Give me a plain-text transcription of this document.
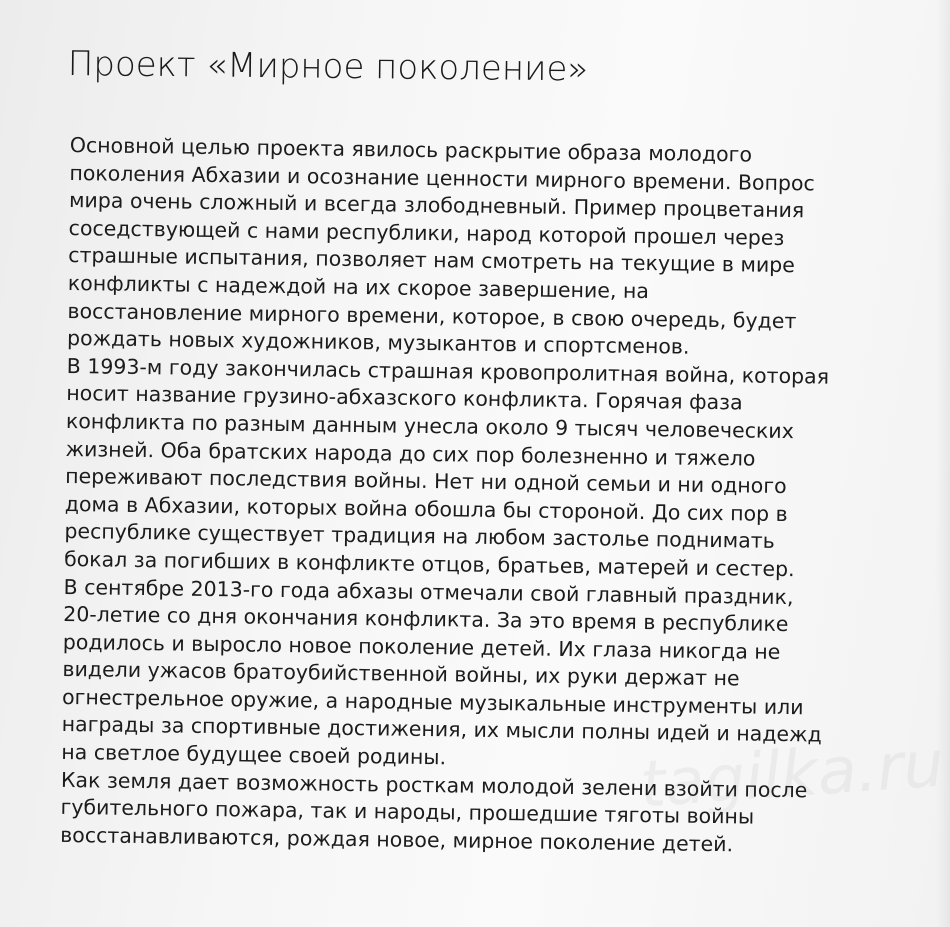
Проект «Мирное поколение»
Основной целью проекта явилось раскрытие образа молодого
поколения Абхазии и осознание ценности мирного времени. Вопрос
мира очень сложный и всегда злободневный. Пример процветания
соседствующей с нами республики, народ которой прошел через
страшные испытания, позволяет нам смотреть на текущие в мире
конфликты с надеждой на их скорое завершение, на
восстановление мирного времени, которое, в свою очередь, будет
рождать новых художников, музыкантов и спортсменов.
В 1993-м году закончилась страшная кровопролитная война, которая
носит название грузино-абхазского конфликта. Горячая фаза
конфликта по разным данным унесла около 9 тысяч человеческих
жизней. Оба братских народа до сих пор болезненно и тяжело
переживают последствия войны. Нет ни одной семьи и ни одного
дома в Абхазии, которых война обошла бы стороной. До сих пор в
республике существует традиция на любом застолье поднимать
бокал за погибших в конфликте отцов, братьев, матерей и сестер.
В сентябре 2013-го года абхазы отмечали свой главный праздник,
20-летие со дня окончания конфликта. За это время в республике
родилось и выросло новое поколение детей. Их глаза никогда не
видели ужасов братоубийственной войны, их руки держат не
огнестрельное оружие, а народные музыкальные инструменты или
награды за спортивные достижения, их мысли полны идей и надежд
на светлое будущее своей родины.
Как земля дает возможность росткам молодой зелени взойти после
губительного пожара, так и народы, прошедшие тяготы войны
восстанавливаются, рождая новое, мирное поколение детей.
tagilka.ru
